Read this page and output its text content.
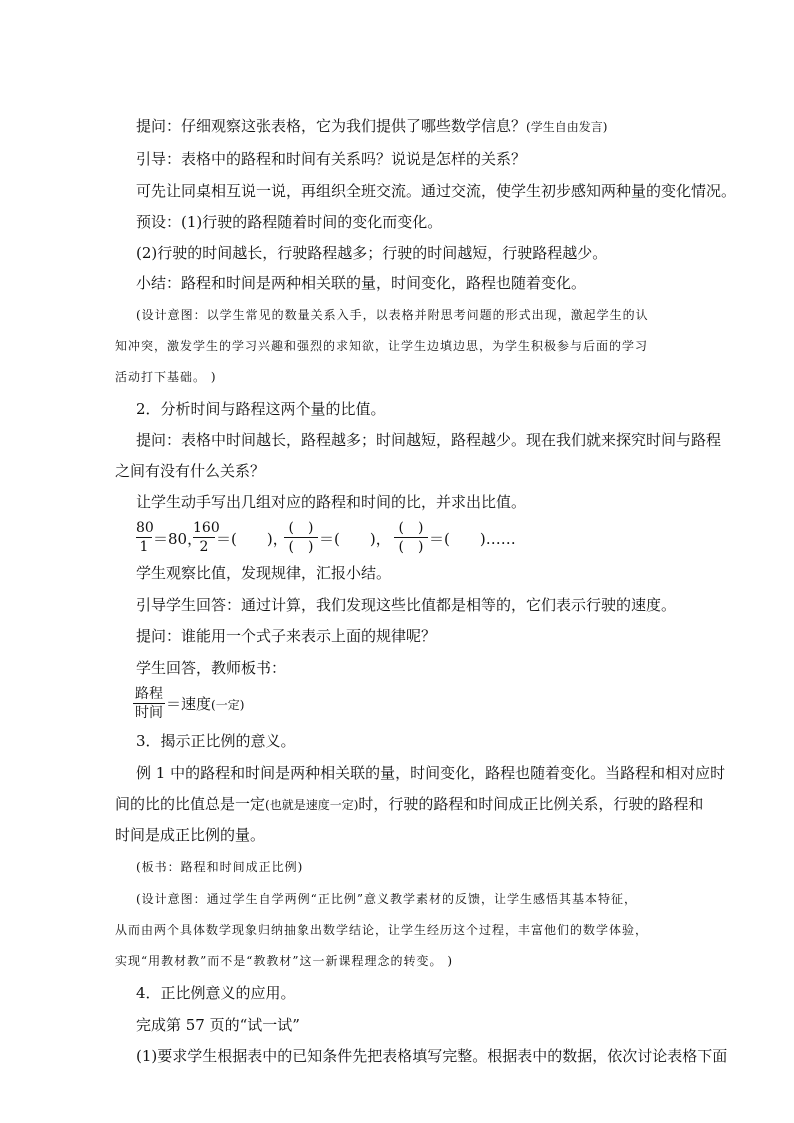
提问：仔细观察这张表格，它为我们提供了哪些数学信息？(学生自由发言)
引导：表格中的路程和时间有关系吗？说说是怎样的关系？
可先让同桌相互说一说，再组织全班交流。通过交流，使学生初步感知两种量的变化情况。
预设：(1)行驶的路程随着时间的变化而变化。
(2)行驶的时间越长，行驶路程越多；行驶的时间越短，行驶路程越少。
小结：路程和时间是两种相关联的量，时间变化，路程也随着变化。
(设计意图：以学生常见的数量关系入手，以表格并附思考问题的形式出现，激起学生的认
知冲突，激发学生的学习兴趣和强烈的求知欲，让学生边填边思，为学生积极参与后面的学习
活动打下基础。 )
2．分析时间与路程这两个量的比值。
提问：表格中时间越长，路程越多；时间越短，路程越少。现在我们就来探究时间与路程
之间有没有什么关系？
让学生动手写出几组对应的路程和时间的比，并求出比值。
80
1 ＝80，
160
2 ＝(　　)，
(　)
(　) ＝(　　)，
(　)
(　) ＝(　　)……
学生观察比值，发现规律，汇报小结。
引导学生回答：通过计算，我们发现这些比值都是相等的，它们表示行驶的速度。
提问：谁能用一个式子来表示上面的规律呢？
学生回答，教师板书：
路程
时间 ＝速度(一定)
3．揭示正比例的意义。
例 1 中的路程和时间是两种相关联的量，时间变化，路程也随着变化。当路程和相对应时
间的比的比值总是一定(也就是速度一定)时，行驶的路程和时间成正比例关系，行驶的路程和
时间是成正比例的量。
(板书：路程和时间成正比例)
(设计意图：通过学生自学两例“正比例”意义教学素材的反馈，让学生感悟其基本特征，
从而由两个具体数学现象归纳抽象出数学结论，让学生经历这个过程，丰富他们的数学体验，
实现“用教材教”而不是“教教材”这一新课程理念的转变。 )
4．正比例意义的应用。
完成第 57 页的“试一试”
(1)要求学生根据表中的已知条件先把表格填写完整。根据表中的数据，依次讨论表格下面
